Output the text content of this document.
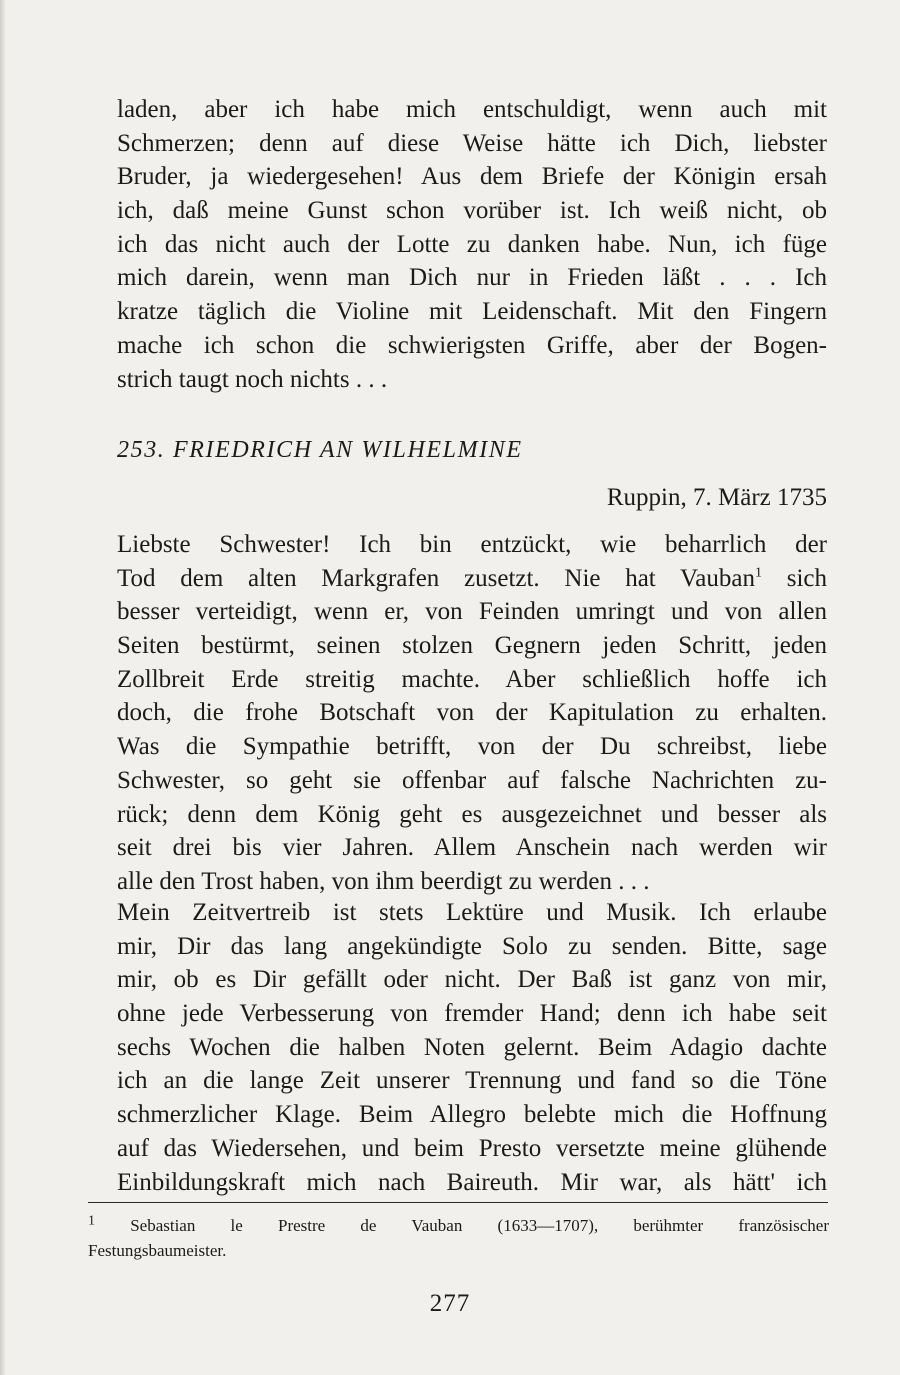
laden, aber ich habe mich entschuldigt, wenn auch mit
Schmerzen; denn auf diese Weise hätte ich Dich, liebster
Bruder, ja wiedergesehen! Aus dem Briefe der Königin ersah
ich, daß meine Gunst schon vorüber ist. Ich weiß nicht, ob
ich das nicht auch der Lotte zu danken habe. Nun, ich füge
mich darein, wenn man Dich nur in Frieden läßt . . . Ich
kratze täglich die Violine mit Leidenschaft. Mit den Fingern
mache ich schon die schwierigsten Griffe, aber der Bogen-
strich taugt noch nichts . . .
253. FRIEDRICH AN WILHELMINE
Ruppin, 7. März 1735
Liebste Schwester! Ich bin entzückt, wie beharrlich der
Tod dem alten Markgrafen zusetzt. Nie hat Vauban$^1$ sich
besser verteidigt, wenn er, von Feinden umringt und von allen
Seiten bestürmt, seinen stolzen Gegnern jeden Schritt, jeden
Zollbreit Erde streitig machte. Aber schließlich hoffe ich
doch, die frohe Botschaft von der Kapitulation zu erhalten.
Was die Sympathie betrifft, von der Du schreibst, liebe
Schwester, so geht sie offenbar auf falsche Nachrichten zu-
rück; denn dem König geht es ausgezeichnet und besser als
seit drei bis vier Jahren. Allem Anschein nach werden wir
alle den Trost haben, von ihm beerdigt zu werden . . .
Mein Zeitvertreib ist stets Lektüre und Musik. Ich erlaube
mir, Dir das lang angekündigte Solo zu senden. Bitte, sage
mir, ob es Dir gefällt oder nicht. Der Baß ist ganz von mir,
ohne jede Verbesserung von fremder Hand; denn ich habe seit
sechs Wochen die halben Noten gelernt. Beim Adagio dachte
ich an die lange Zeit unserer Trennung und fand so die Töne
schmerzlicher Klage. Beim Allegro belebte mich die Hoffnung
auf das Wiedersehen, und beim Presto versetzte meine glühende
Einbildungskraft mich nach Baireuth. Mir war, als hätt' ich
$^1$ Sebastian le Prestre de Vauban (1633—1707), berühmter französischer
Festungsbaumeister.
277
